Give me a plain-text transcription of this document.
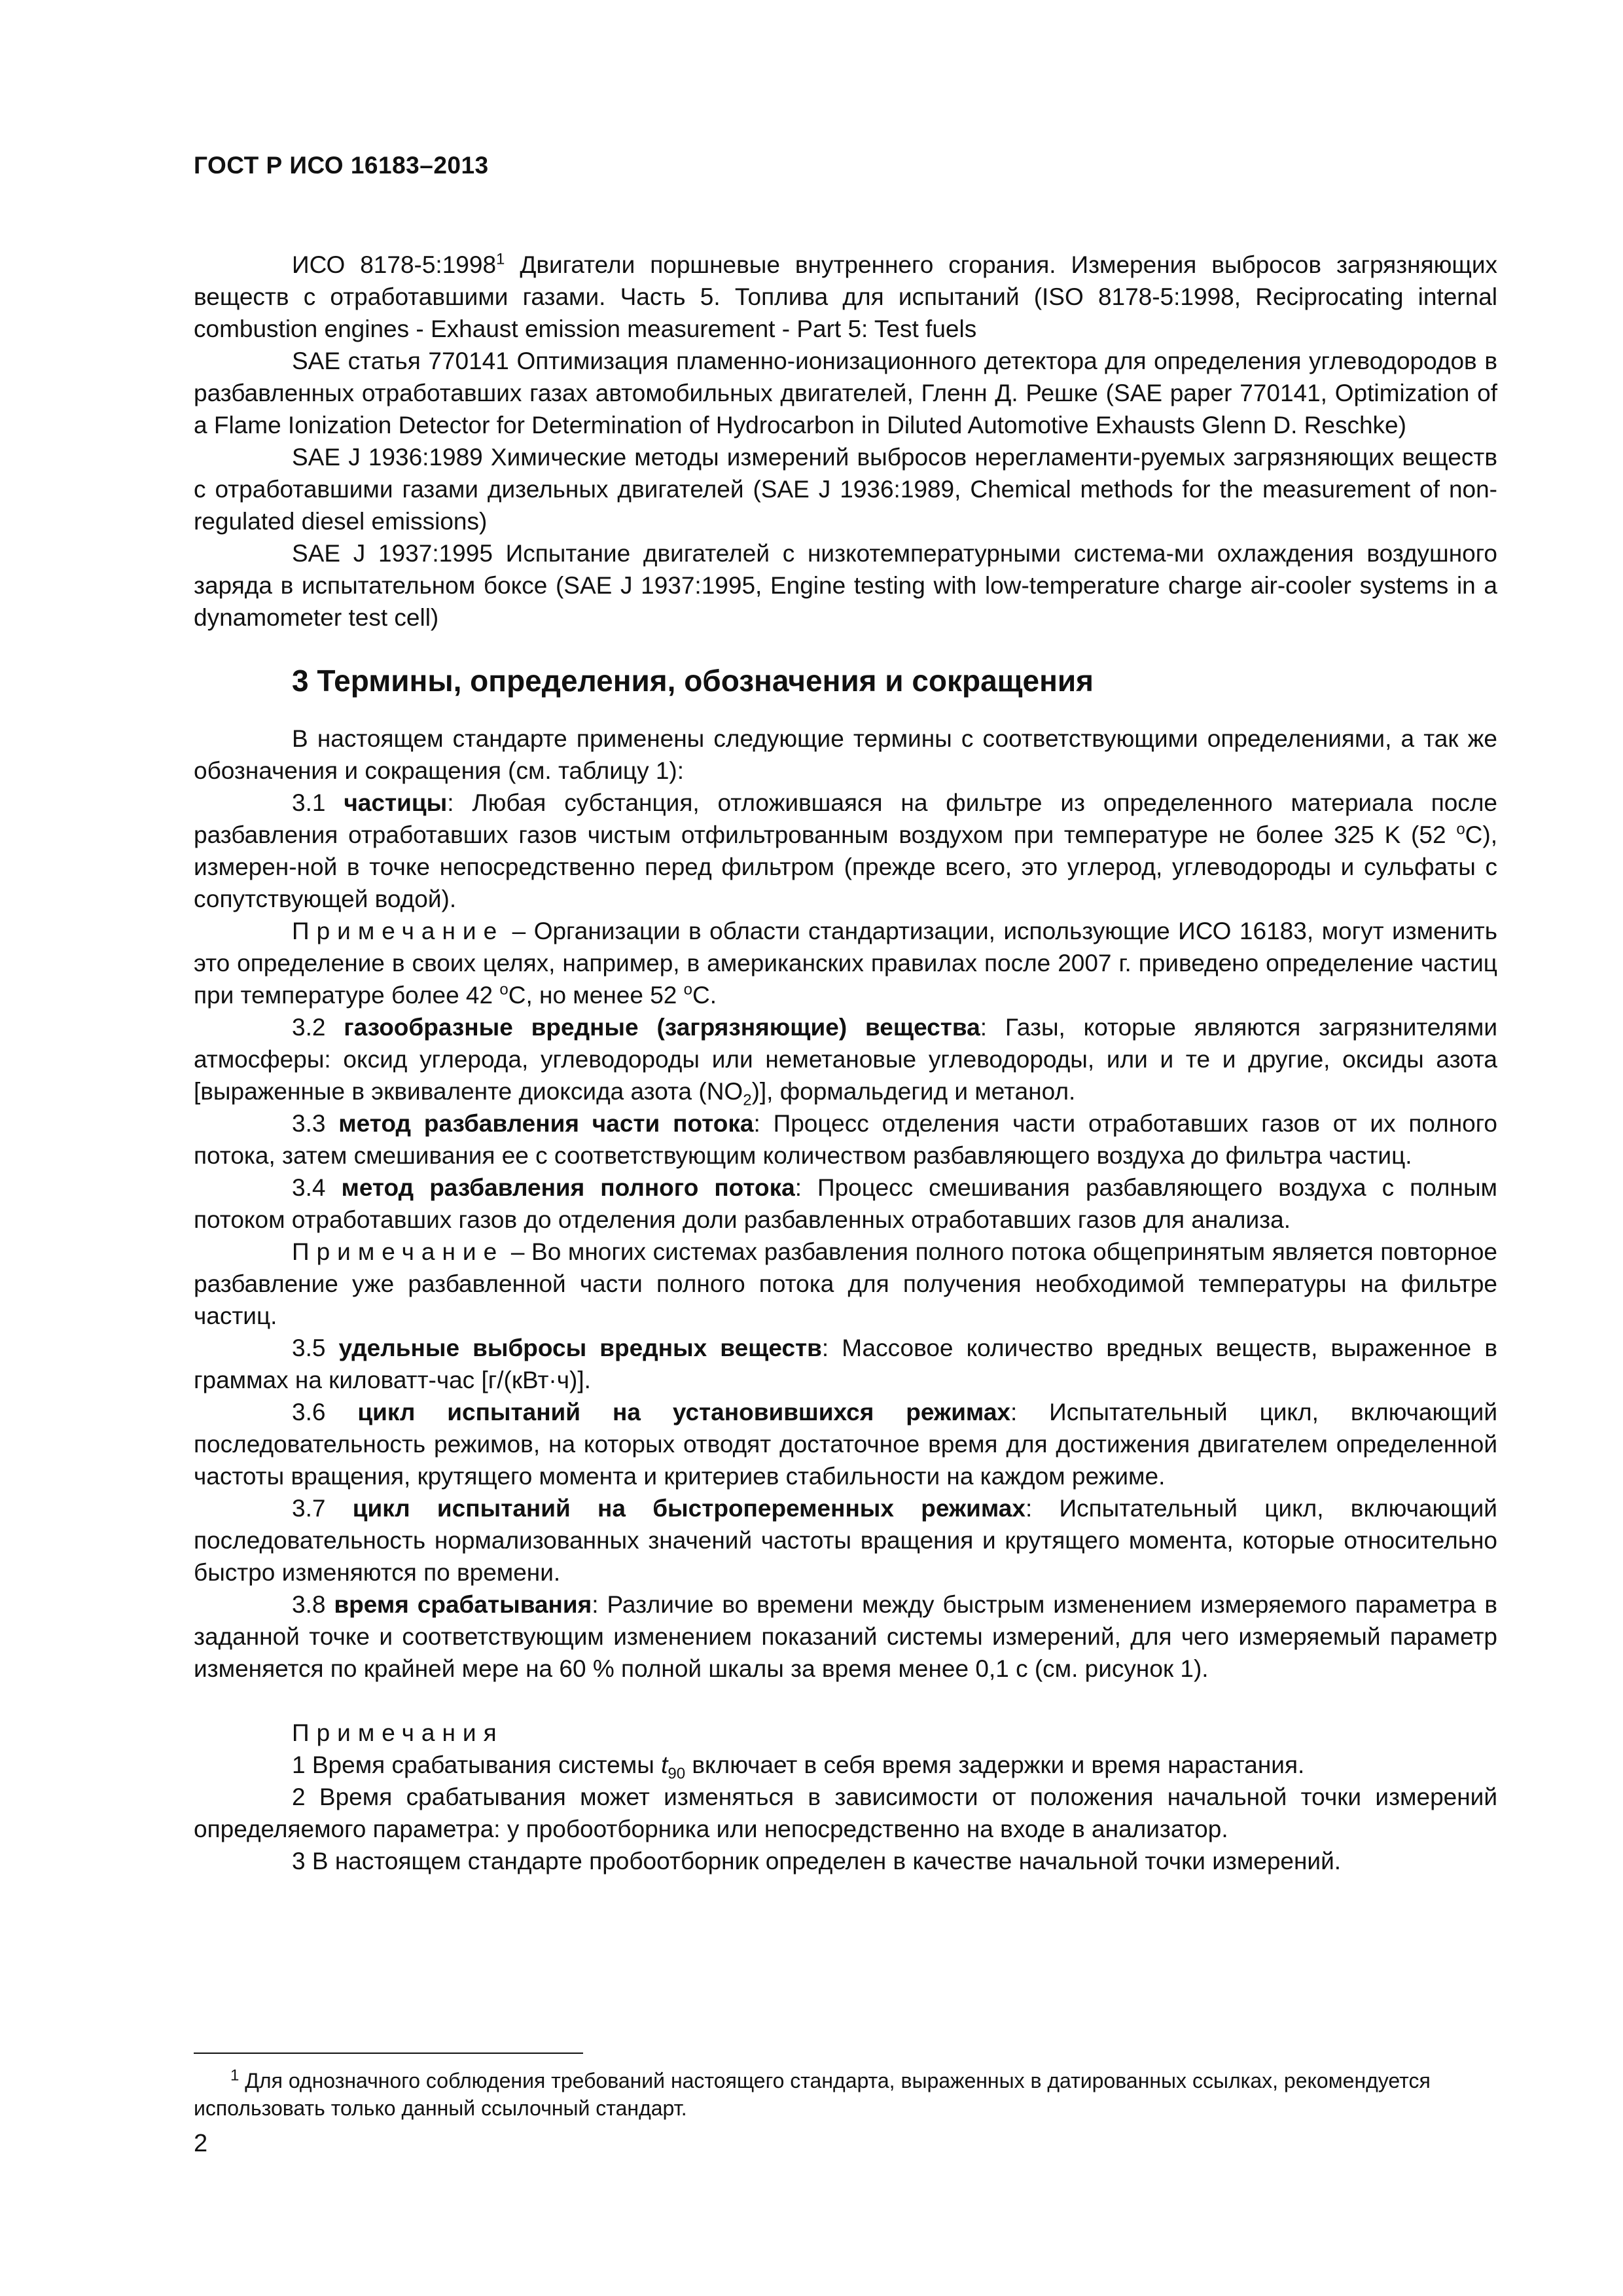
ГОСТ Р ИСО 16183–2013

ИСО 8178-5:1998$^1$ Двигатели поршневые внутреннего сгорания. Измерения выбросов загрязняющих веществ с отработавшими газами. Часть 5. Топлива для испытаний (ISO 8178-5:1998, Reciprocating internal combustion engines - Exhaust emission measurement - Part 5: Test fuels

SAE статья 770141 Оптимизация пламенно-ионизационного детектора для определения углеводородов в разбавленных отработавших газах автомобильных двигателей, Гленн Д. Решке (SAE paper 770141, Optimization of a Flame Ionization Detector for Determination of Hydrocarbon in Diluted Automotive Exhausts Glenn D. Reschke)

SAE J 1936:1989 Химические методы измерений выбросов нерегламенти-руемых загрязняющих веществ с отработавшими газами дизельных двигателей (SAE J 1936:1989, Chemical methods for the measurement of non-regulated diesel emissions)

SAE J 1937:1995 Испытание двигателей с низкотемпературными система-ми охлаждения воздушного заряда в испытательном боксе (SAE J 1937:1995, Engine testing with low-temperature charge air-cooler systems in a dynamometer test cell)

3 Термины, определения, обозначения и сокращения

В настоящем стандарте применены следующие термины с соответствующими определениями, а так же обозначения и сокращения (см. таблицу 1):

3.1 частицы: Любая субстанция, отложившаяся на фильтре из определенного материала после разбавления отработавших газов чистым отфильтрованным воздухом при температуре не более 325 K (52 $^о$C), измерен-ной в точке непосредственно перед фильтром (прежде всего, это углерод, углеводороды и сульфаты с сопутствующей водой).

Примечание – Организации в области стандартизации, использующие ИСО 16183, могут изменить это определение в своих целях, например, в американских правилах после 2007 г. приведено определение частиц при температуре более 42 $^о$C, но менее 52 $^о$C.

3.2 газообразные вредные (загрязняющие) вещества: Газы, которые являются загрязнителями атмосферы: оксид углерода, углеводороды или неметановые углеводороды, или и те и другие, оксиды азота [выраженные в эквиваленте диоксида азота $(NO_2)$], формальдегид и метанол.

3.3 метод разбавления части потока: Процесс отделения части отработавших газов от их полного потока, затем смешивания ее с соответствующим количеством разбавляющего воздуха до фильтра частиц.

3.4 метод разбавления полного потока: Процесс смешивания разбавляющего воздуха с полным потоком отработавших газов до отделения доли разбавленных отработавших газов для анализа.

Примечание – Во многих системах разбавления полного потока общепринятым является повторное разбавление уже разбавленной части полного потока для получения необходимой температуры на фильтре частиц.

3.5 удельные выбросы вредных веществ: Массовое количество вредных веществ, выраженное в граммах на киловатт-час [г/(кВт·ч)].

3.6 цикл испытаний на установившихся режимах: Испытательный цикл, включающий последовательность режимов, на которых отводят достаточное время для достижения двигателем определенной частоты вращения, крутящего момента и критериев стабильности на каждом режиме.

3.7 цикл испытаний на быстропеременных режимах: Испытательный цикл, включающий последовательность нормализованных значений частоты вращения и крутящего момента, которые относительно быстро изменяются по времени.

3.8 время срабатывания: Различие во времени между быстрым изменением измеряемого параметра в заданной точке и соответствующим изменением показаний системы измерений, для чего измеряемый параметр изменяется по крайней мере на 60 % полной шкалы за время менее 0,1 с (см. рисунок 1).

Примечания

1 Время срабатывания системы $t_{90}$ включает в себя время задержки и время нарастания.

2 Время срабатывания может изменяться в зависимости от положения начальной точки измерений определяемого параметра: у пробоотборника или непосредственно на входе в анализатор.

3 В настоящем стандарте пробоотборник определен в качестве начальной точки измерений.

$^1$ Для однозначного соблюдения требований настоящего стандарта, выраженных в датированных ссылках, рекомендуется использовать только данный ссылочный стандарт.

2
